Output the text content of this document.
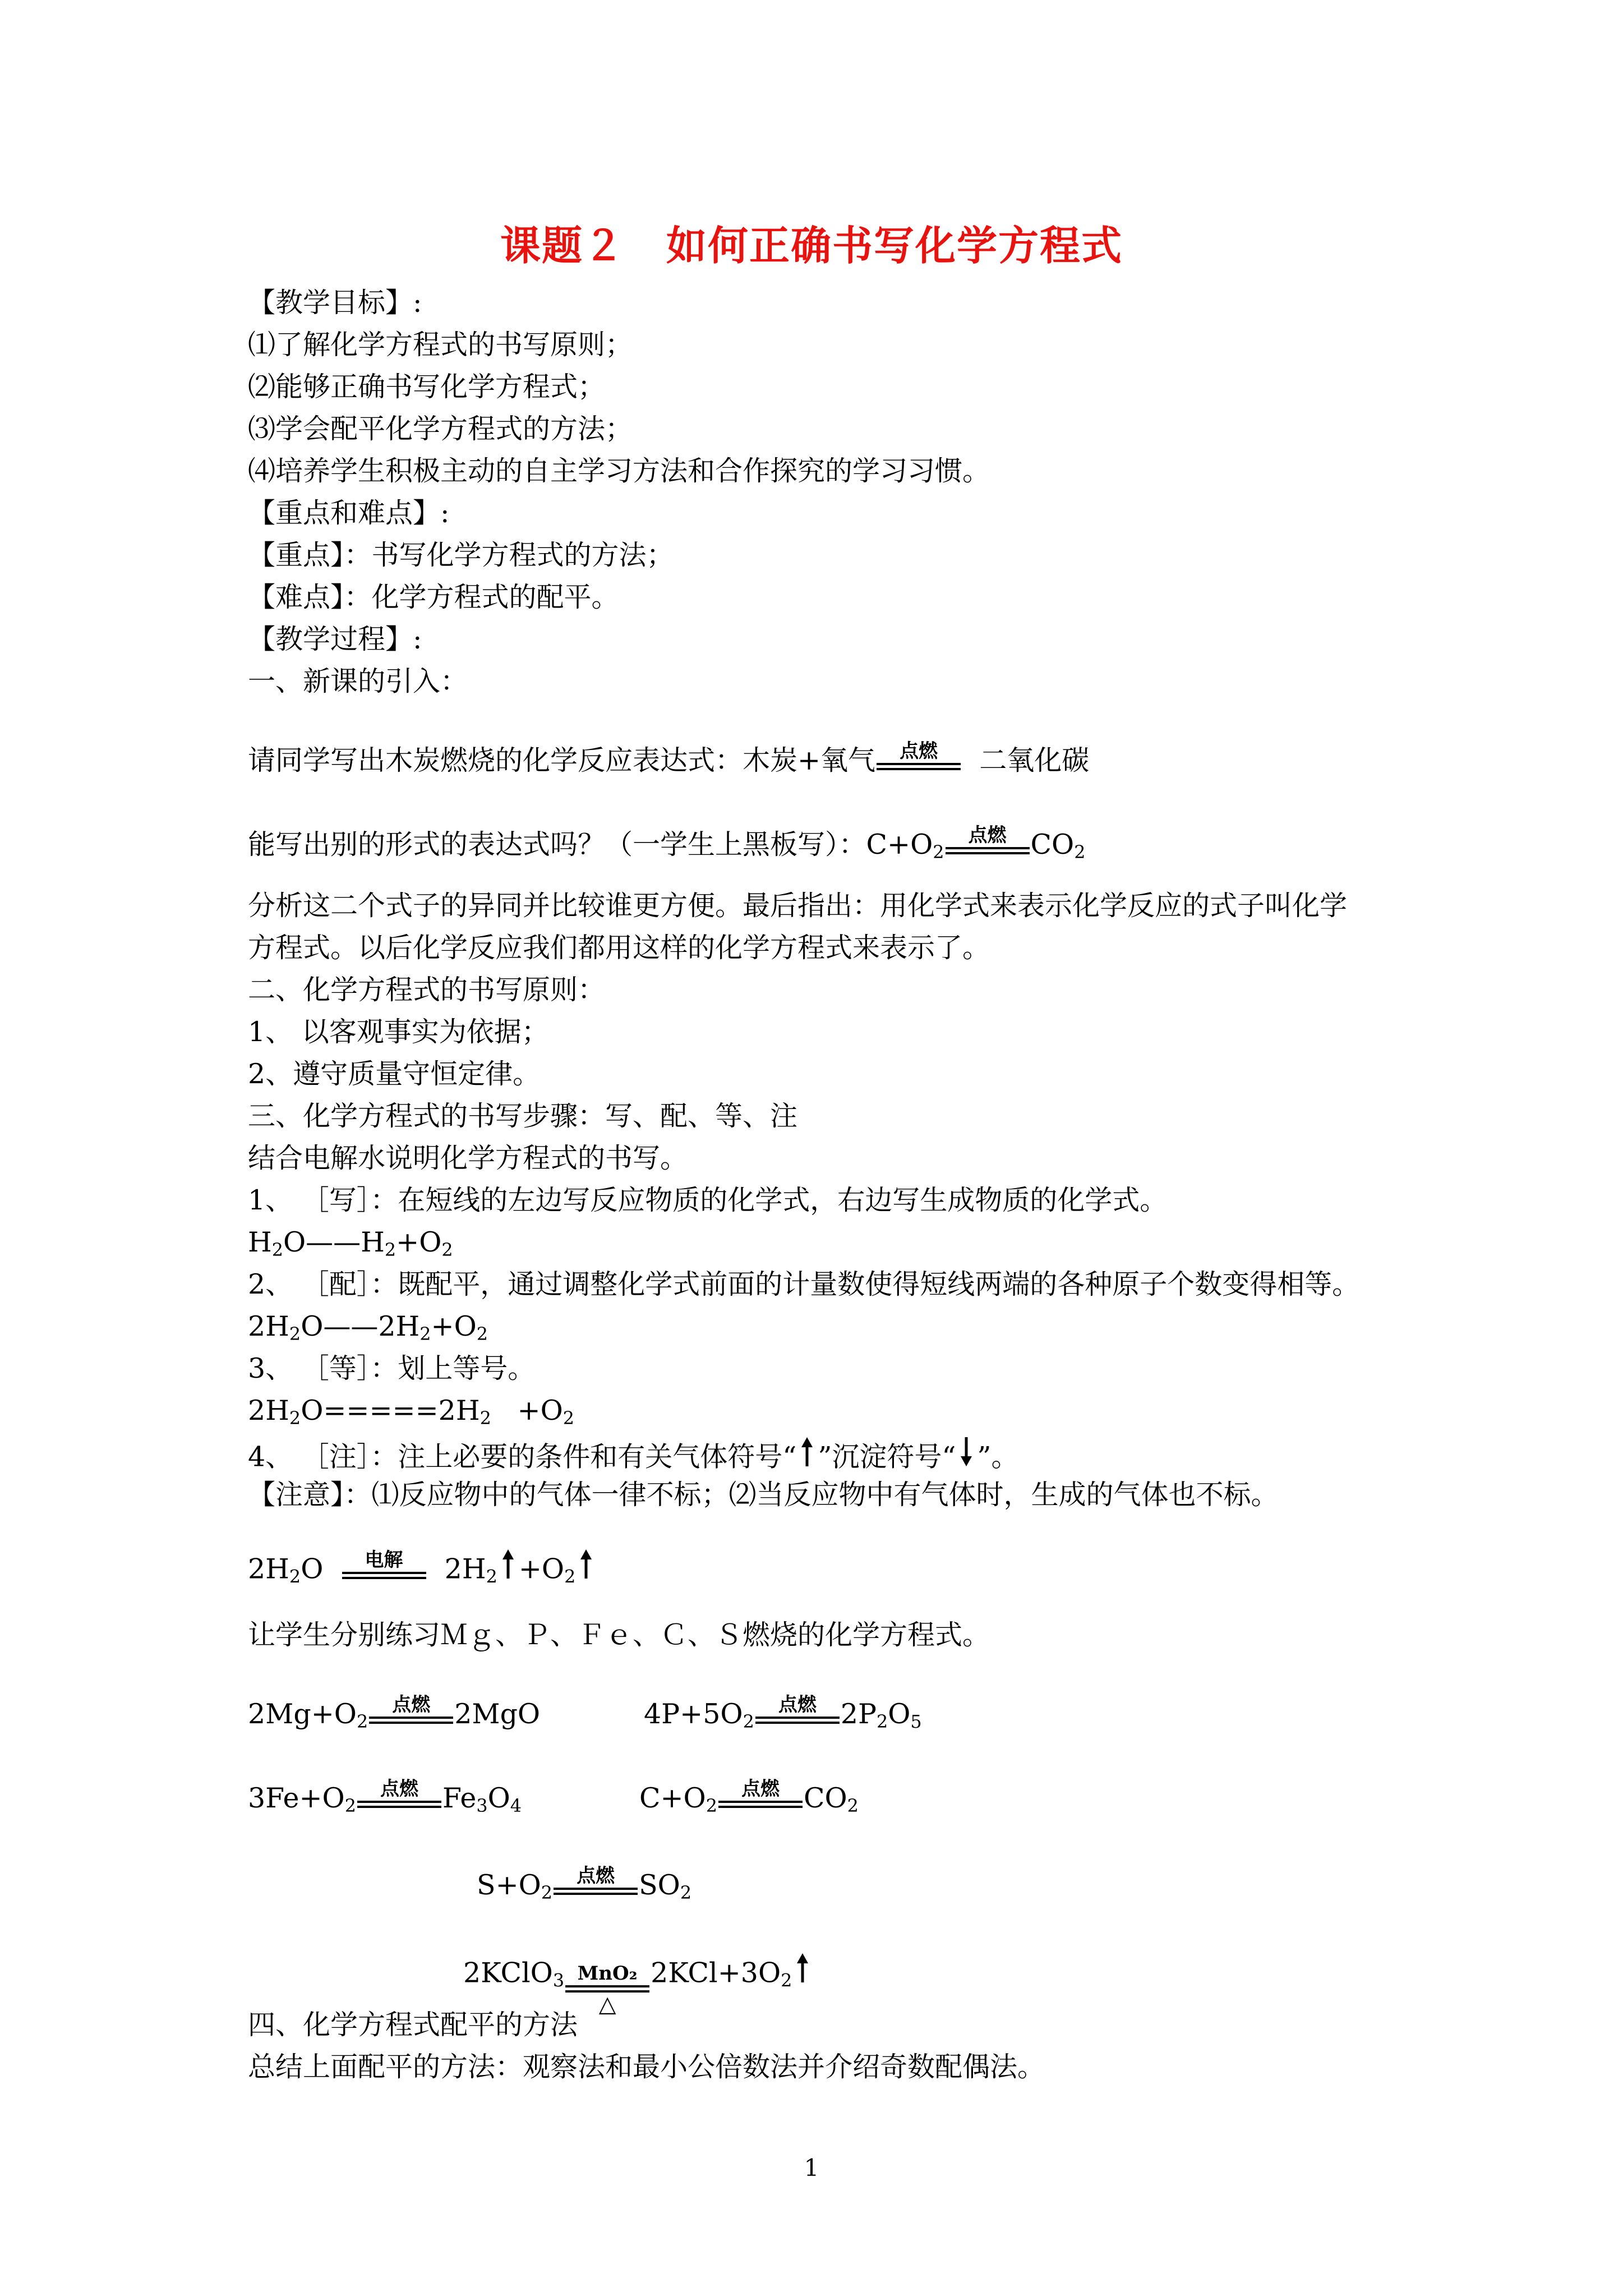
课题２　如何正确书写化学方程式
【教学目标】:
⑴了解化学方程式的书写原则；
⑵能够正确书写化学方程式；
⑶学会配平化学方程式的方法；
⑷培养学生积极主动的自主学习方法和合作探究的学习习惯。
【重点和难点】:
【重点】：书写化学方程式的方法；
【难点】：化学方程式的配平。
【教学过程】:
一、新课的引入：
请同学写出木炭燃烧的化学反应表达式：木炭+氧气 点燃 二氧化碳
能写出别的形式的表达式吗？（一学生上黑板写）：$C+O_2$
点燃 $CO_2$
分析这二个式子的异同并比较谁更方便。最后指出：用化学式来表示化学反应的式子叫化学
方程式。以后化学反应我们都用这样的化学方程式来表示了。
二、化学方程式的书写原则：
1、 以客观事实为依据；
2、遵守质量守恒定律。
三、化学方程式的书写步骤：写、配、等、注
结合电解水说明化学方程式的书写。
1、 ［写］：在短线的左边写反应物质的化学式，右边写生成物质的化学式。
$H_2O——H_2+O_2$
2、 ［配］：既配平，通过调整化学式前面的计量数使得短线两端的各种原子个数变得相等。
$2H_2O——2H_2+O_2$
3、 ［等］：划上等号。
$2H_2O=====2H_2 +O_2$
4、 ［注］：注上必要的条件和有关气体符号“ ”沉淀符号“ ”。
【注意】：⑴反应物中的气体一律不标；⑵当反应物中有气体时，生成的气体也不标。
$2H_2O$ 电解 $2H_2 +O_2$
让学生分别练习Ｍｇ、Ｐ、Ｆｅ、Ｃ、Ｓ燃烧的化学方程式。
$2Mg+O_2$
点燃 2MgO	$4P+5O_2$
点燃 $2P_2O_5$
$3Fe+O_2$
点燃 $Fe_3O_4$	$C+O_2$
点燃 $CO_2$
$S+O_2$
点燃 $SO_2$
2KClO$_3$ MnO₂
△
$2KCl+3O_2$
四、化学方程式配平的方法
总结上面配平的方法：观察法和最小公倍数法并介绍奇数配偶法。
1
